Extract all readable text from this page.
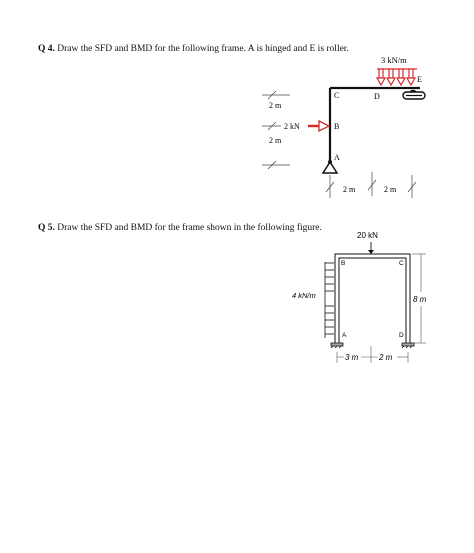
Q 4. Draw the SFD and BMD for the following frame. A is hinged and E is roller.
3 kN/m
2 kN
2 m
2 m
C	D
E
B
A
2 m	2 m
Q 5. Draw the SFD and BMD for the frame shown in the following figure.
20 kN
4 kN/m
B	C
A	D
8 m
3 m	2 m
